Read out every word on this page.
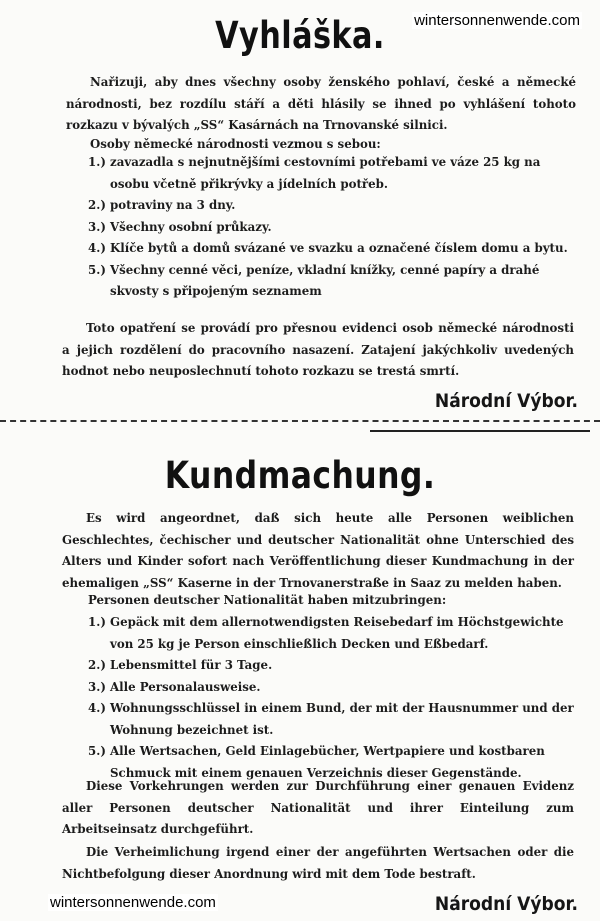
wintersonnenwende.com
Vyhláška.

Nařizuji, aby dnes všechny osoby ženského pohlaví, české a německé národnosti, bez rozdílu stáří a děti hlásily se ihned po vyhlášení tohoto rozkazu v bývalých „SS“ Kasárnách na Trnovanské silnici.

Osoby německé národnosti vezmou s sebou:

1.) zavazadla s nejnutnějšími cestovními potřebami ve váze 25 kg na osobu včetně přikrývky a jídelních potřeb.
2.) potraviny na 3 dny.
3.) Všechny osobní průkazy.
4.) Klíče bytů a domů svázané ve svazku a označené číslem domu a bytu.
5.) Všechny cenné věci, peníze, vkladní knížky, cenné papíry a drahé skvosty s připojeným seznamem

Toto opatření se provádí pro přesnou evidenci osob německé národnosti a jejich rozdělení do pracovního nasazení. Zatajení jakýchkoliv uvedených hodnot nebo neuposlechnutí tohoto rozkazu se trestá smrtí.

Národní Výbor.
Kundmachung.

Es wird angeordnet, daß sich heute alle Personen weiblichen Geschlechtes, čechischer und deutscher Nationalität ohne Unterschied des Alters und Kinder sofort nach Veröffentlichung dieser Kundmachung in der ehemaligen „SS“ Kaserne in der Trnovanerstraße in Saaz zu melden haben.

Personen deutscher Nationalität haben mitzubringen:

1.) Gepäck mit dem allernotwendigsten Reisebedarf im Höchstgewichte von 25 kg je Person einschließlich Decken und Eßbedarf.
2.) Lebensmittel für 3 Tage.
3.) Alle Personalausweise.
4.) Wohnungsschlüssel in einem Bund, der mit der Hausnummer und der Wohnung bezeichnet ist.
5.) Alle Wertsachen, Geld Einlagebücher, Wertpapiere und kostbaren Schmuck mit einem genauen Verzeichnis dieser Gegenstände.

Diese Vorkehrungen werden zur Durchführung einer genauen Evidenz aller Personen deutscher Nationalität und ihrer Einteilung zum Arbeitseinsatz durchgeführt.

Die Verheimlichung irgend einer der angeführten Wertsachen oder die Nichtbefolgung dieser Anordnung wird mit dem Tode bestraft.

Národní Výbor.
wintersonnenwende.com
